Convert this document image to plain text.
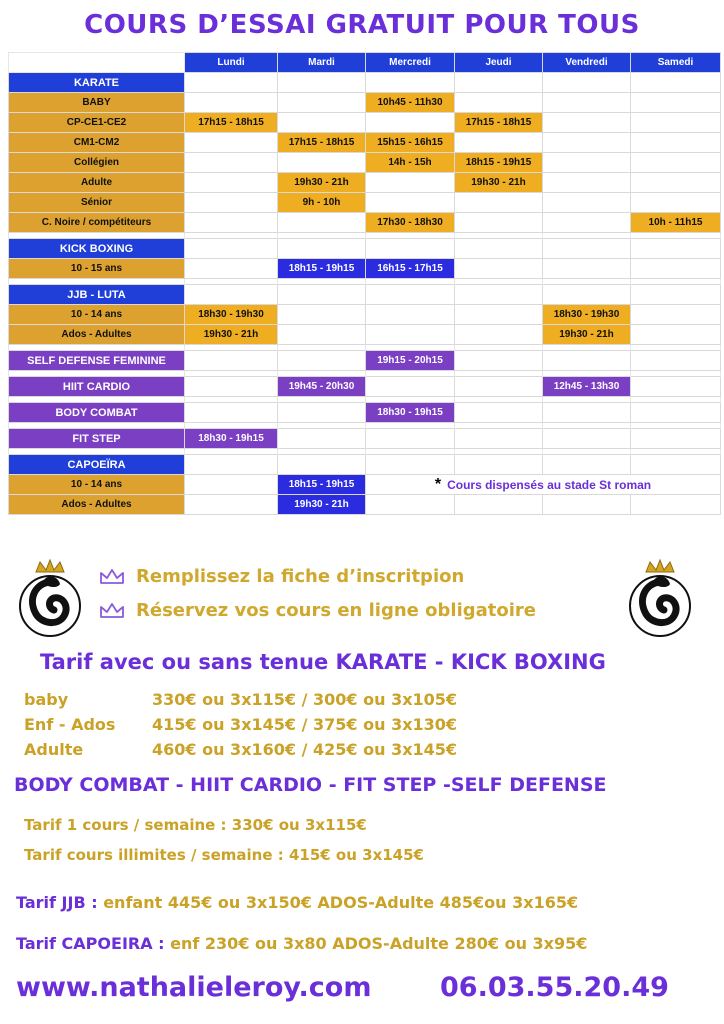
COURS D’ESSAI GRATUIT POUR TOUS
	Lundi	Mardi	Mercredi	Jeudi	Vendredi	Samedi
KARATE						
BABY			10h45 - 11h30			
CP-CE1-CE2	17h15 - 18h15			17h15 - 18h15		
CM1-CM2		17h15 - 18h15	15h15 - 16h15			
Collégien			14h - 15h	18h15 - 19h15		
Adulte		19h30 - 21h		19h30 - 21h		
Sénior		9h - 10h				
C. Noire / compétiteurs			17h30 - 18h30			10h - 11h15

KICK BOXING						
10 - 15 ans		18h15 - 19h15	16h15 - 17h15			

JJB - LUTA						
10 - 14 ans	18h30 - 19h30				18h30 - 19h30	
Ados - Adultes	19h30 - 21h				19h30 - 21h	

SELF DEFENSE FEMININE			19h15 - 20h15			

HIIT CARDIO		19h45 - 20h30			12h45 - 13h30	

BODY COMBAT			18h30 - 19h15			

FIT STEP	18h30 - 19h15					

CAPOEÏRA						
10 - 14 ans		18h15 - 19h15	* Cours dispensés au stade St roman			
Ados - Adultes		19h30 - 21h				
Remplissez la fiche d’inscritpion
Réservez vos cours en ligne obligatoire
Tarif avec ou sans tenue KARATE - KICK BOXING
baby	330€ ou 3x115€ / 300€ ou 3x105€
Enf - Ados 415€ ou 3x145€ / 375€ ou 3x130€
Adulte	460€ ou 3x160€ / 425€ ou 3x145€
BODY COMBAT - HIIT CARDIO - FIT STEP -SELF DEFENSE
Tarif 1 cours / semaine : 330€ ou 3x115€
Tarif cours illimites / semaine : 415€ ou 3x145€
Tarif JJB : enfant 445€ ou 3x150€ ADOS-Adulte 485€ou 3x165€
Tarif CAPOEIRA : enf 230€ ou 3x80 ADOS-Adulte 280€ ou 3x95€
www.nathalieleroy.com	06.03.55.20.49
